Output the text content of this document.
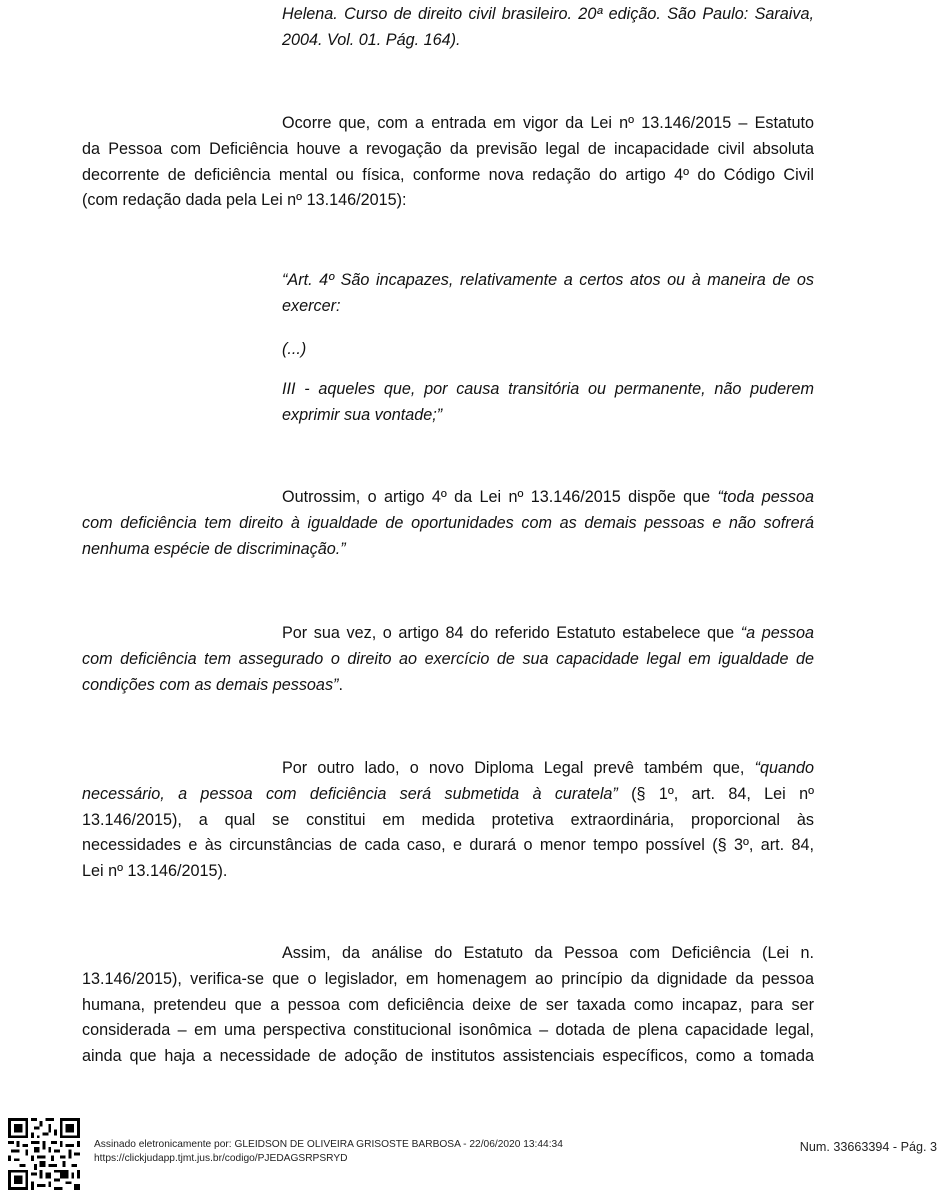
Helena. Curso de direito civil brasileiro. 20ª edição. São Paulo: Saraiva,
2004. Vol. 01. Pág. 164).
Ocorre que, com a entrada em vigor da Lei nº 13.146/2015 – Estatuto
da Pessoa com Deficiência houve a revogação da previsão legal de incapacidade civil absoluta
decorrente de deficiência mental ou física, conforme nova redação do artigo 4º do Código Civil
(com redação dada pela Lei nº 13.146/2015):
“Art. 4º São incapazes, relativamente a certos atos ou à maneira de os
exercer:
(...)
III - aqueles que, por causa transitória ou permanente, não puderem
exprimir sua vontade;”
Outrossim, o artigo 4º da Lei nº 13.146/2015 dispõe que “toda pessoa
com deficiência tem direito à igualdade de oportunidades com as demais pessoas e não sofrerá
nenhuma espécie de discriminação.”
Por sua vez, o artigo 84 do referido Estatuto estabelece que “a pessoa
com deficiência tem assegurado o direito ao exercício de sua capacidade legal em igualdade de
condições com as demais pessoas”.
Por outro lado, o novo Diploma Legal prevê também que, “quando
necessário, a pessoa com deficiência será submetida à curatela” (§ 1º, art. 84, Lei nº
13.146/2015), a qual se constitui em medida protetiva extraordinária, proporcional às
necessidades e às circunstâncias de cada caso, e durará o menor tempo possível (§ 3º, art. 84,
Lei nº 13.146/2015).
Assim, da análise do Estatuto da Pessoa com Deficiência (Lei n.
13.146/2015), verifica-se que o legislador, em homenagem ao princípio da dignidade da pessoa
humana, pretendeu que a pessoa com deficiência deixe de ser taxada como incapaz, para ser
considerada – em uma perspectiva constitucional isonômica – dotada de plena capacidade legal,
ainda que haja a necessidade de adoção de institutos assistenciais específicos, como a tomada
Assinado eletronicamente por: GLEIDSON DE OLIVEIRA GRISOSTE BARBOSA - 22/06/2020 13:44:34
https://clickjudapp.tjmt.jus.br/codigo/PJEDAGSRPSRYD
Num. 33663394 - Pág. 3
